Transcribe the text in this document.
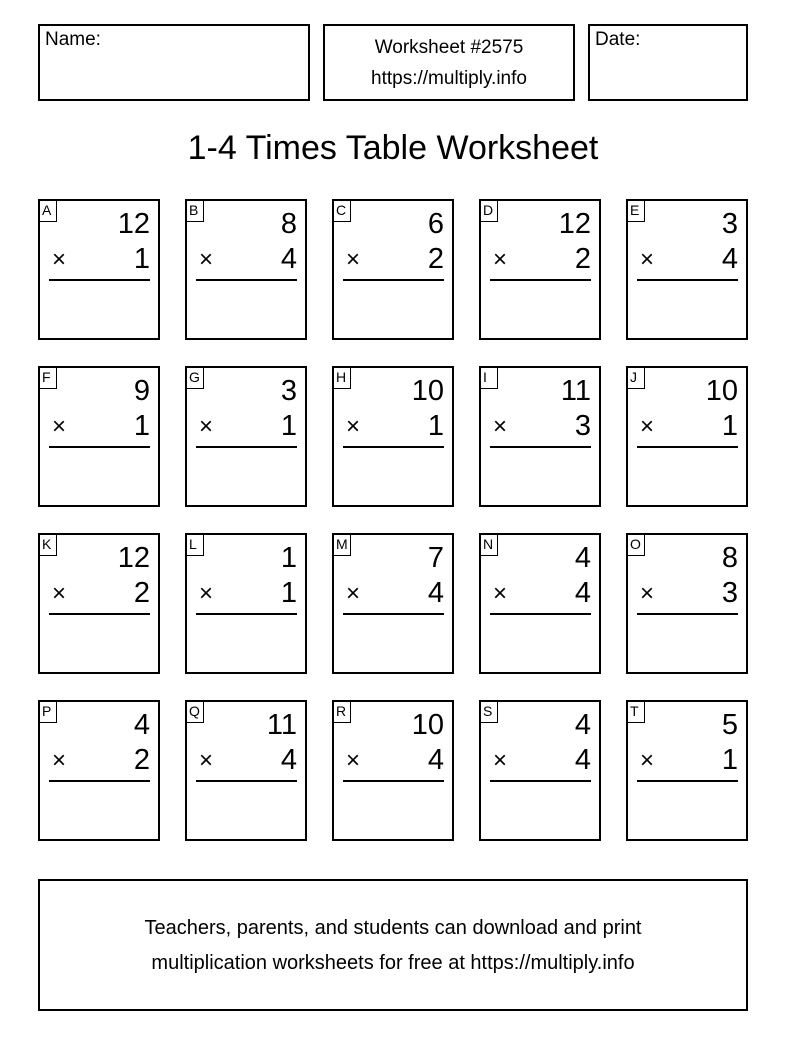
Name:	Worksheet #2575
https://multiply.info
Date:
1-4 Times Table Worksheet
A 12
× 1
B	8
× 4
C	6
× 2
D 12
× 2
E	3
× 4
F	9
× 1
G	3
× 1
H 10
× 1
I	11
× 3
J 10
× 1
K 12
× 2
L	1
× 1
M	7
× 4
N	4
× 4
O	8
× 3
P	4
× 2
Q 11
× 4
R 10
× 4
S	4
× 4
T	5
× 1
Teachers, parents, and students can download and print
multiplication worksheets for free at https://multiply.info
